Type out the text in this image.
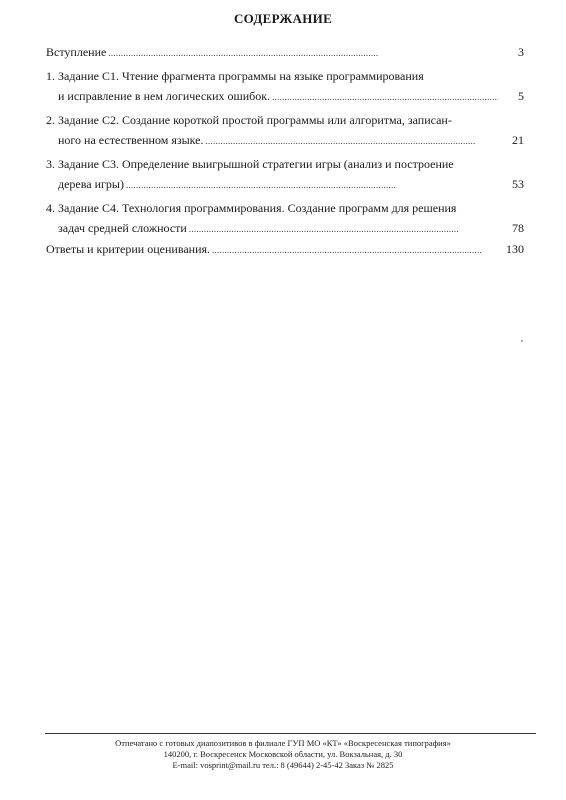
СОДЕРЖАНИЕ
Вступление . . .	3
1. Задание С1. Чтение фрагмента программы на языке программирования
и исправление в нем логических ошибок. . . .	5
2. Задание С2. Создание короткой простой программы или алгоритма, записан-
ного на естественном языке. . . .	21
3. Задание С3. Определение выигрышной стратегии игры (анализ и построение
дерева игры) . . .	53
4. Задание С4. Технология программирования. Создание программ для решения
задач средней сложности . . .	78
Ответы и критерии оценивания. . . .	130
Отпечатано с готовых диапозитивов в филиале ГУП МО «КТ» «Воскресенская типография»
140200, г. Воскресенск Московской области, ул. Вокзальная, д. 30
E-mail: vosprint@mail.ru тел.: 8 (49644) 2-45-42 Заказ № 2825
